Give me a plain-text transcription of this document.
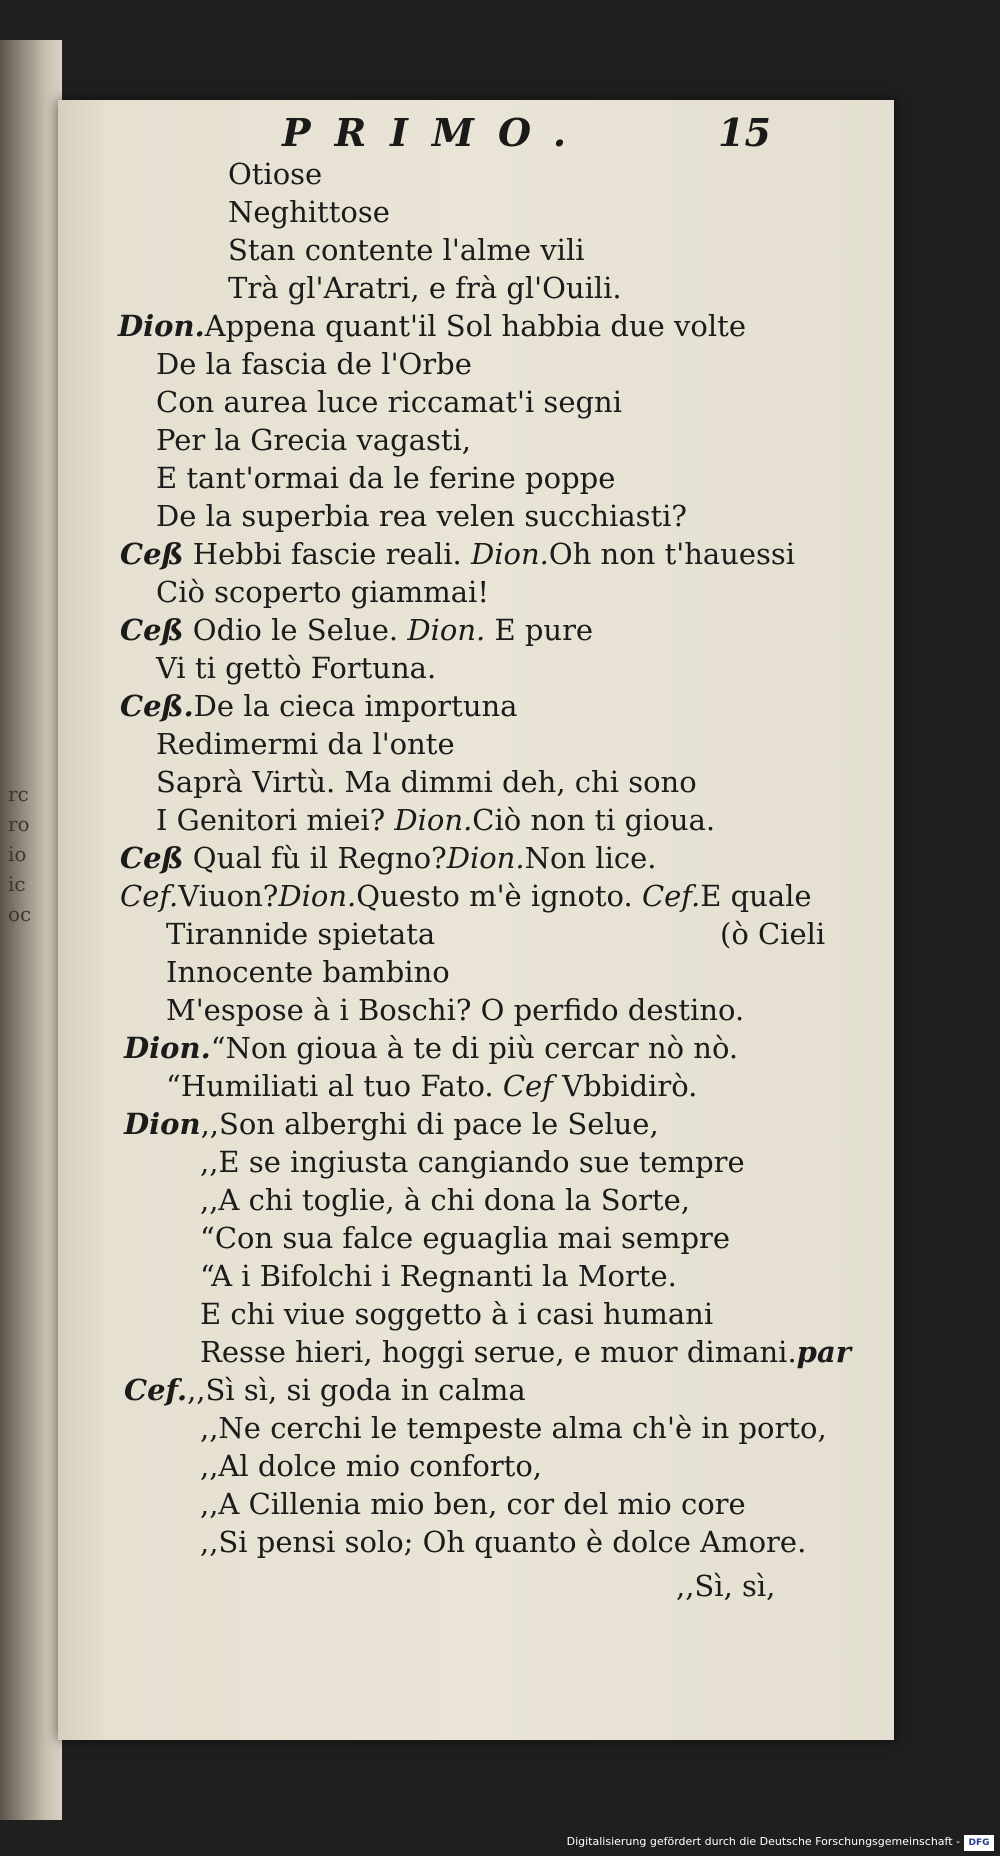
rc
ro
io
ic
oc
PRIMO.	15
Otiose
Neghittose
Stan contente l'alme vili
Trà gl'Aratri, e frà gl'Ouili.
Dion.Appena quant'il Sol habbia due volte
De la fascia de l'Orbe
Con aurea luce riccamat'i segni
Per la Grecia vagasti,
E tant'ormai da le ferine poppe
De la superbia rea velen succhiasti?
Ceß Hebbi fascie reali. Dion.Oh non t'hauessi
Ciò scoperto giammai!
Ceß Odio le Selue. Dion. E pure
Vi ti gettò Fortuna.
Ceß.De la cieca importuna
Redimermi da l'onte
Saprà Virtù. Ma dimmi deh, chi sono
I Genitori miei? Dion.Ciò non ti gioua.
Ceß Qual fù il Regno?Dion.Non lice.
Cef.Viuon?Dion.Questo m'è ignoto. Cef.E quale
Tirannide spietata	(ò Cieli
Innocente bambino
M'espose à i Boschi? O perfido destino.
Dion.“Non gioua à te di più cercar nò nò.
“Humiliati al tuo Fato. Cef Vbbidirò.
Dion,,Son alberghi di pace le Selue,
,,E se ingiusta cangiando sue tempre
,,A chi toglie, à chi dona la Sorte,
“Con sua falce eguaglia mai sempre
“A i Bifolchi i Regnanti la Morte.
E chi viue soggetto à i casi humani
Resse hieri, hoggi serue, e muor dimani.par
Cef.,,Sì sì, si goda in calma
,,Ne cerchi le tempeste alma ch'è in porto,
,,Al dolce mio conforto,
,,A Cillenia mio ben, cor del mio core
,,Si pensi solo; Oh quanto è dolce Amore.
,,Sì, sì,
Digitalisierung gefördert durch die Deutsche Forschungsgemeinschaft - DFG
